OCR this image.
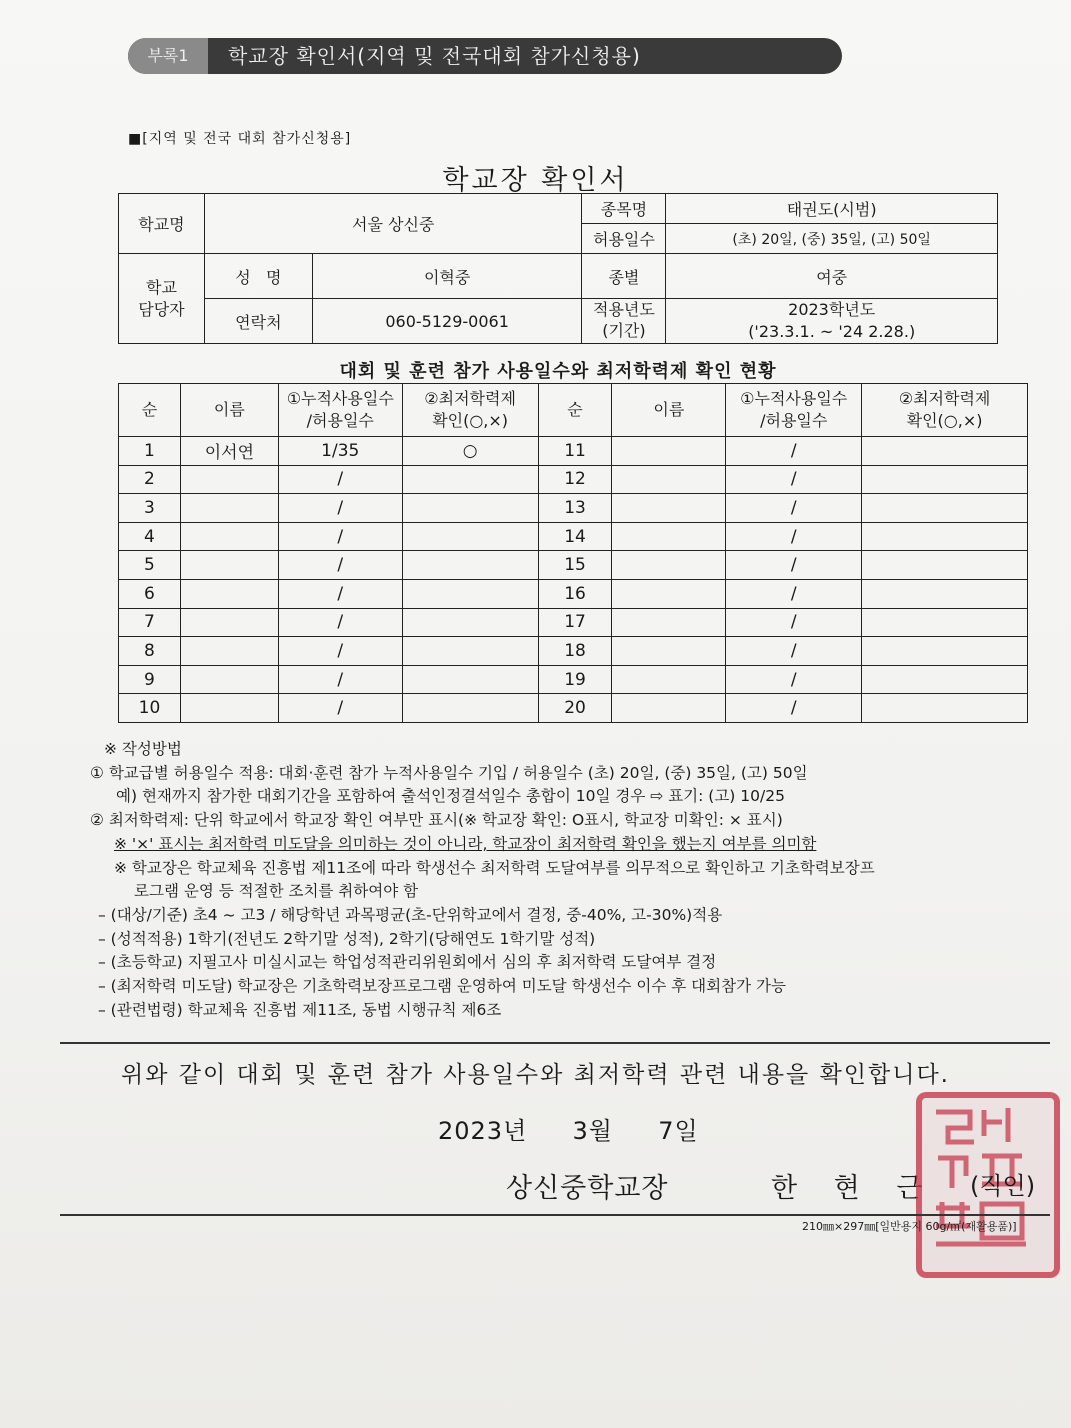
부록1	학교장 확인서(지역 및 전국대회 참가신청용)
■[지역 및 전국 대회 참가신청용]
학교장 확인서
학교명	서울 상신중		종목명	태권도(시범)
			허용일수	(초) 20일, (중) 35일, (고) 50일
학교
담당자	성   명	이혁중	종별	여중
	연락처	060-5129-0061	적용년도
(기간)	2023학년도
('23.3.1. ~ '24 2.28.)
대회 및 훈련 참가 사용일수와 최저학력제 확인 현황
순	이름	①누적사용일수
/허용일수	②최저학력제
확인(○,×)	순	이름	①누적사용일수
/허용일수	②최저학력제
확인(○,×)
1	이서연	1/35	○	11		/	
2		/		12		/	
3		/		13		/	
4		/		14		/	
5		/		15		/	
6		/		16		/	
7		/		17		/	
8		/		18		/	
9		/		19		/	
10		/		20		/	
※ 작성방법
① 학교급별 허용일수 적용: 대회·훈련 참가 누적사용일수 기입 / 허용일수 (초) 20일, (중) 35일, (고) 50일
예) 현재까지 참가한 대회기간을 포함하여 출석인정결석일수 총합이 10일 경우 ⇨ 표기: (고) 10/25
② 최저학력제: 단위 학교에서 학교장 확인 여부만 표시(※ 학교장 확인: O표시, 학교장 미확인: × 표시)
※ '×' 표시는 최저학력 미도달을 의미하는 것이 아니라, 학교장이 최저학력 확인을 했는지 여부를 의미함
※ 학교장은 학교체육 진흥법 제11조에 따라 학생선수 최저학력 도달여부를 의무적으로 확인하고 기초학력보장프
로그램 운영 등 적절한 조치를 취하여야 함
– (대상/기준) 초4 ~ 고3 / 해당학년 과목평균(초-단위학교에서 결정, 중-40%, 고-30%)적용
– (성적적용) 1학기(전년도 2학기말 성적), 2학기(당해연도 1학기말 성적)
– (초등학교) 지필고사 미실시교는 학업성적관리위원회에서 심의 후 최저학력 도달여부 결정
– (최저학력 미도달) 학교장은 기초학력보장프로그램 운영하여 미도달 학생선수 이수 후 대회참가 가능
– (관련법령) 학교체육 진흥법 제11조, 동법 시행규칙 제6조
위와 같이 대회 및 훈련 참가 사용일수와 최저학력 관련 내용을 확인합니다.
2023년  3월  7일
상신중학교장	한 현 근 (직인)
210㎜×297㎜[일반용지 60g/㎡(재활용품)]
